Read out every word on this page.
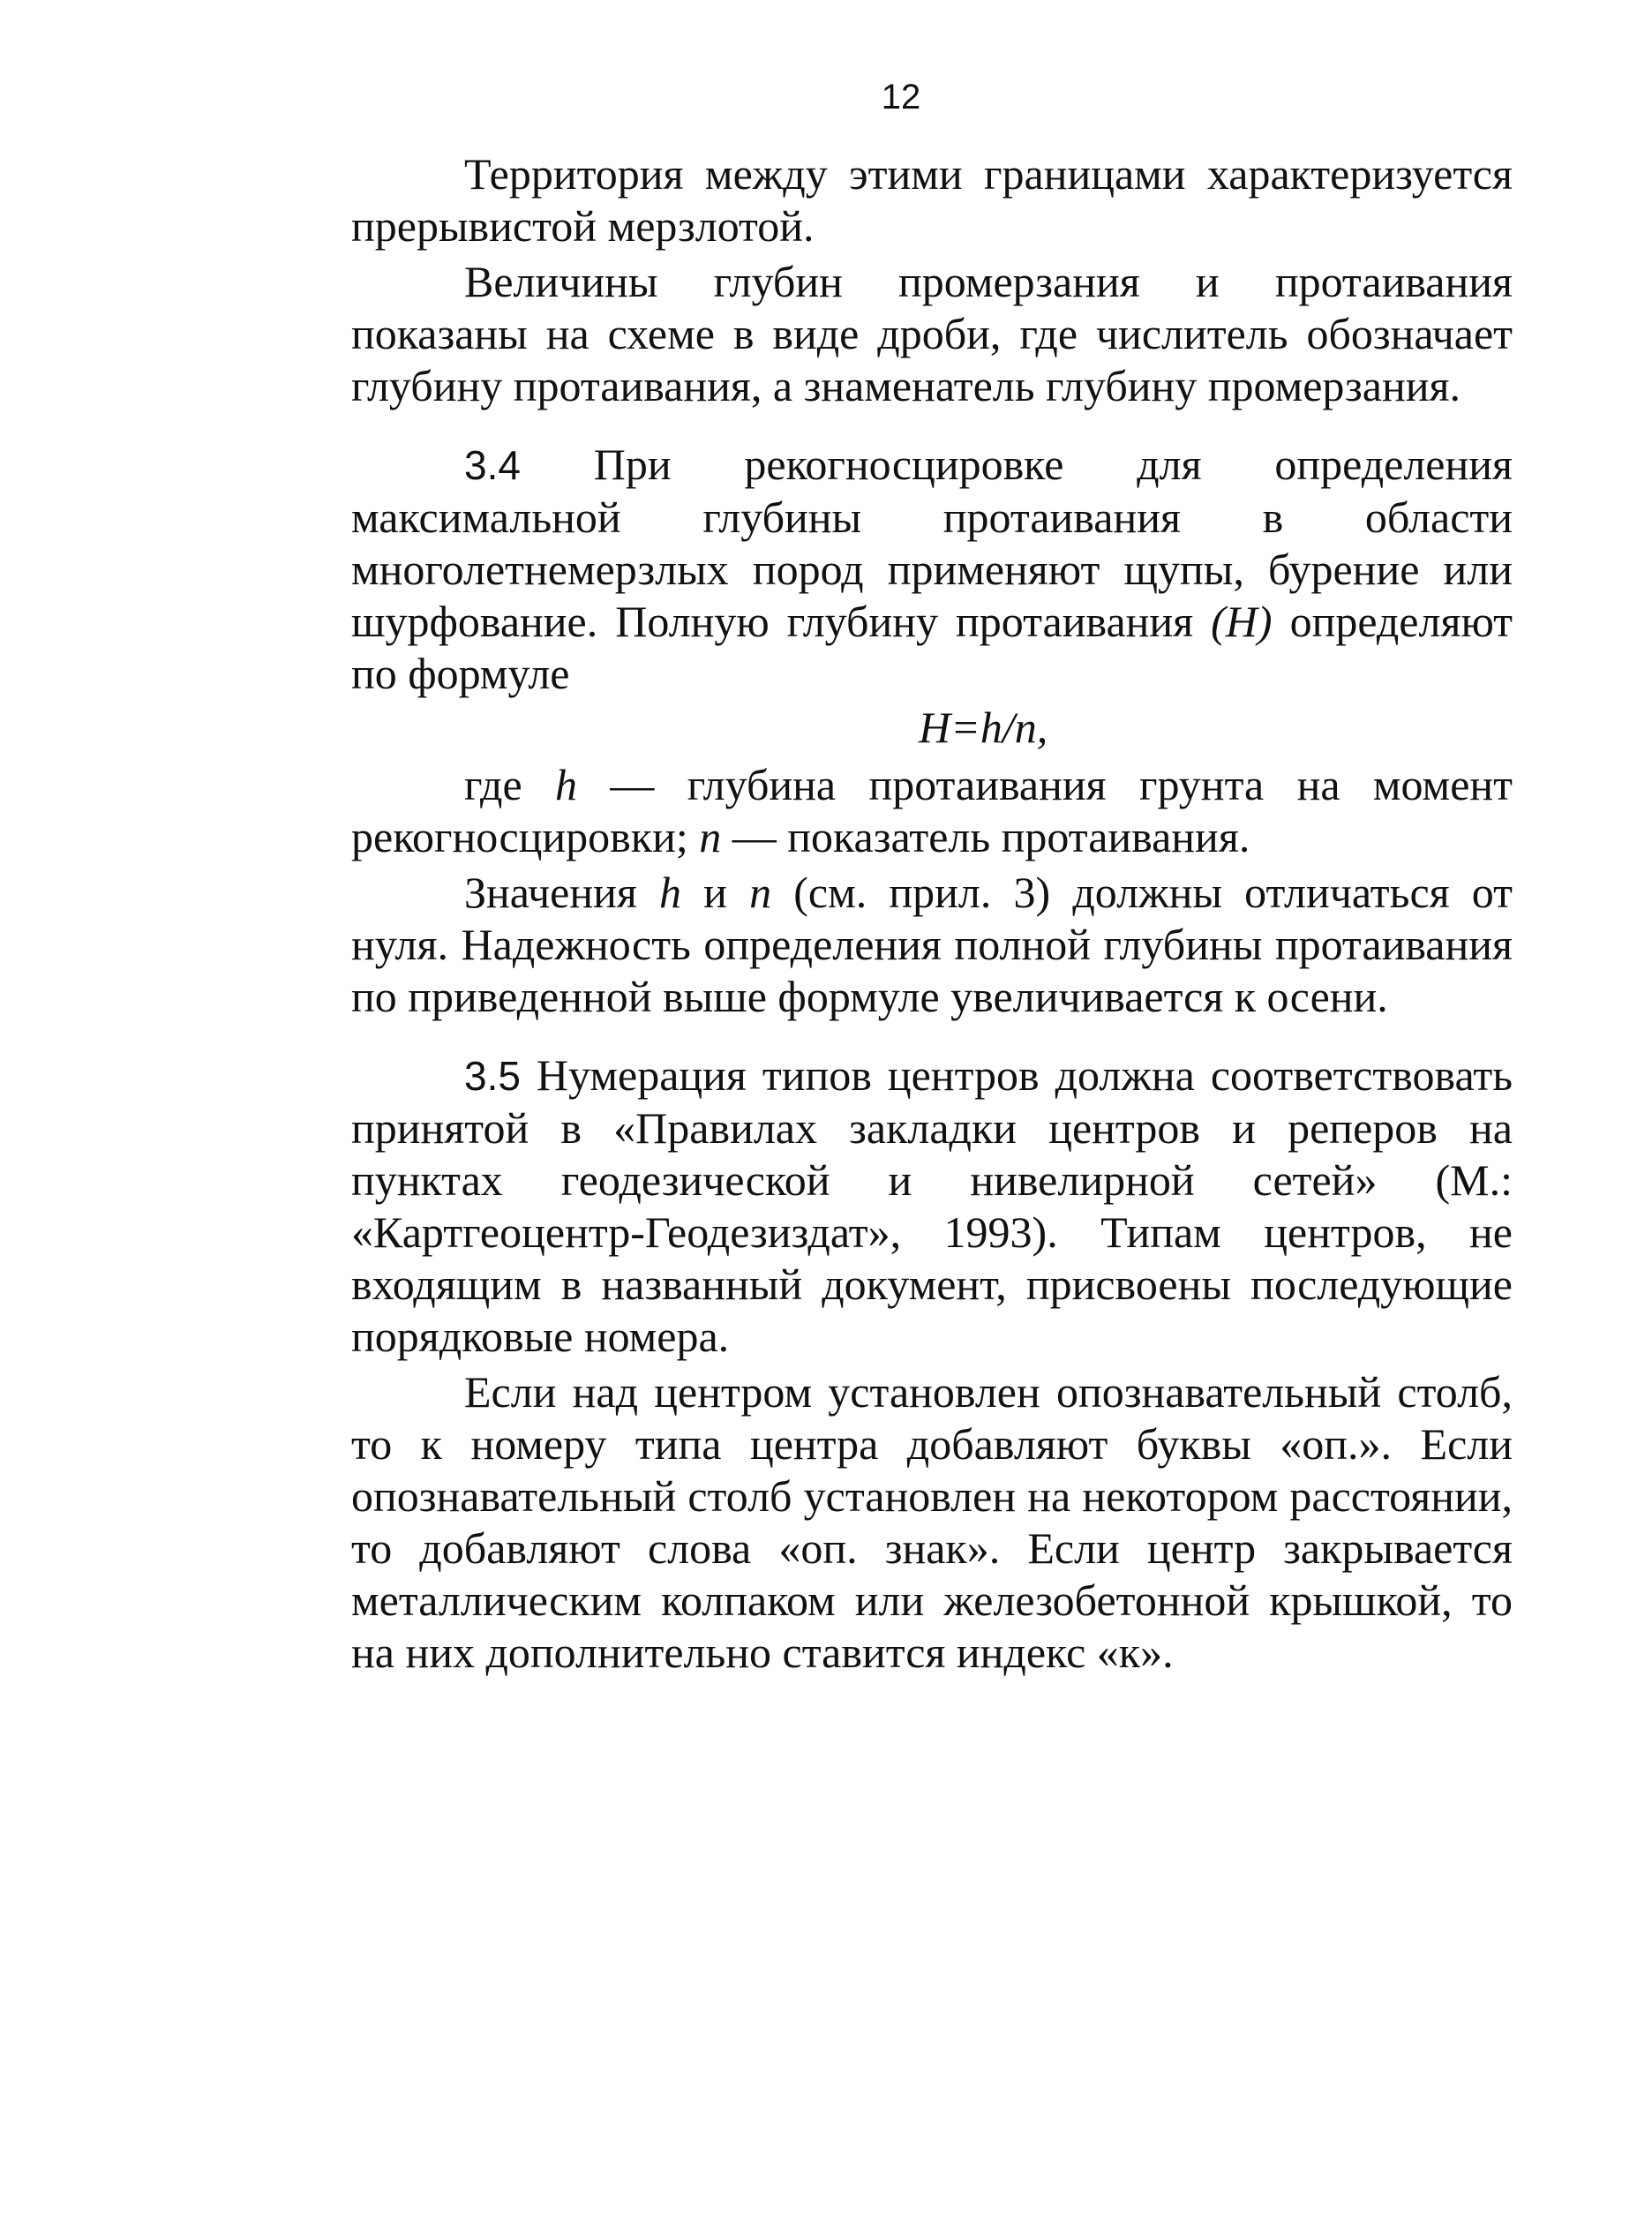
12

Территория между этими границами характеризуется прерывистой мерзлотой.

Величины глубин промерзания и протаивания показаны на схеме в виде дроби, где числитель обозначает глубину протаивания, а знаменатель глубину промерзания.

3.4 При рекогносцировке для определения максимальной глубины протаивания в области многолетнемерзлых пород применяют щупы, бурение или шурфование. Полную глубину протаивания (H) определяют по формуле

H=h/n,

где h — глубина протаивания грунта на момент рекогносцировки; n — показатель протаивания.

Значения h и n (см. прил. 3) должны отличаться от нуля. Надежность определения полной глубины протаивания по приведенной выше формуле увеличивается к осени.

3.5 Нумерация типов центров должна соответствовать принятой в «Правилах закладки центров и реперов на пунктах геодезической и нивелирной сетей» (М.: «Картгеоцентр-Геодезиздат», 1993). Типам центров, не входящим в названный документ, присвоены последующие порядковые номера.

Если над центром установлен опознавательный столб, то к номеру типа центра добавляют буквы «оп.». Если опознавательный столб установлен на некотором расстоянии, то добавляют слова «оп. знак». Если центр закрывается металлическим колпаком или железобетонной крышкой, то на них дополнительно ставится индекс «к».
